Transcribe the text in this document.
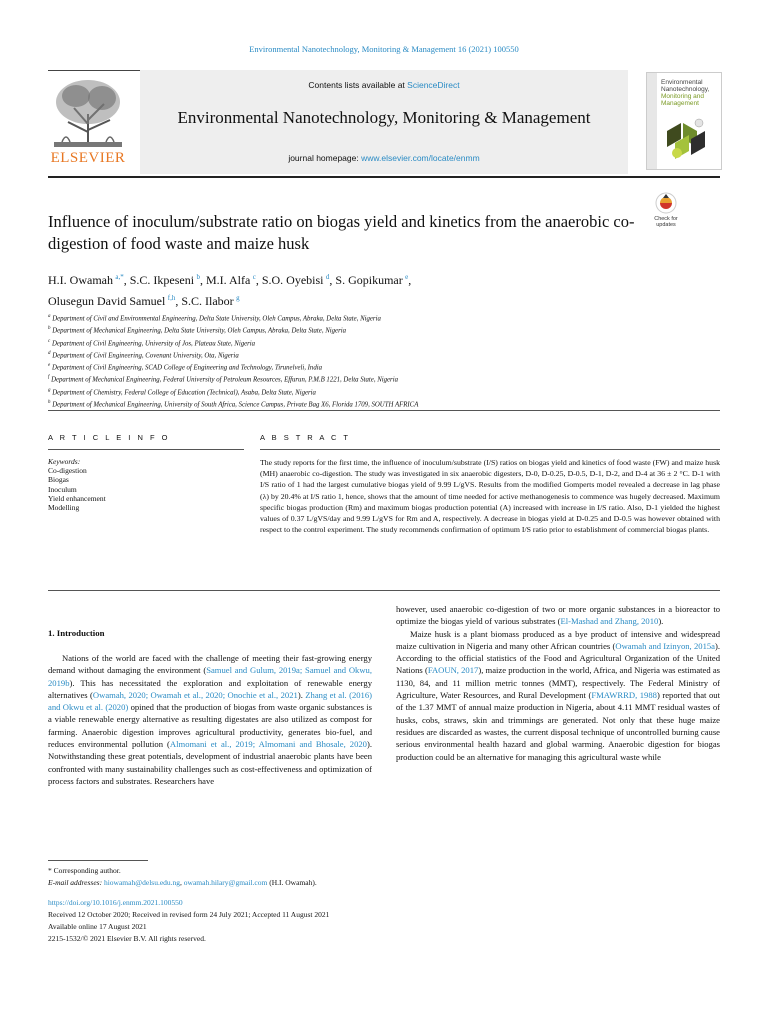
Environmental Nanotechnology, Monitoring & Management 16 (2021) 100550
Contents lists available at ScienceDirect
Environmental Nanotechnology, Monitoring & Management
journal homepage: www.elsevier.com/locate/enmm
ELSEVIER
Environmental
Nanotechnology,
Monitoring and
Management
Check for
updates
Influence of inoculum/substrate ratio on biogas yield and kinetics from the anaerobic co-digestion of food waste and maize husk
H.I. Owamah  $^{a,*}$, S.C. Ikpeseni  $^b$, M.I. Alfa  $^c$, S.O. Oyebisi  $^d$, S. Gopikumar  $^e$,
Olusegun David Samuel  $^{f,h}$, S.C. Ilabor  $^g$
$^a$ Department of Civil and Environmental Engineering, Delta State University, Oleh Campus, Abraka, Delta State, Nigeria
$^b$ Department of Mechanical Engineering, Delta State University, Oleh Campus, Abraka, Delta State, Nigeria
$^c$ Department of Civil Engineering, University of Jos, Plateau State, Nigeria
$^d$ Department of Civil Engineering, Covenant University, Ota, Nigeria
$^e$ Department of Civil Engineering, SCAD College of Engineering and Technology, Tirunelveli, India
$^f$ Department of Mechanical Engineering, Federal University of Petroleum Resources, Effurun, P.M.B 1221, Delta State, Nigeria
$^g$ Department of Chemistry, Federal College of Education (Technical), Asaba, Delta State, Nigeria
$^h$ Department of Mechanical Engineering, University of South Africa, Science Campus, Private Bag X6, Florida 1709, SOUTH AFRICA
A R T I C L E I N F O	A B S T R A C T
Keywords:
Co-digestion
Biogas
Inoculum
Yield enhancement
Modelling
The study reports for the first time, the influence of inoculum/substrate (I/S) ratios on biogas yield and kinetics of food waste (FW) and maize husk (MH) anaerobic co-digestion. The study was investigated in six anaerobic digesters, D-0, D-0.25, D-0.5, D-1, D-2, and D-4 at 36 ± 2 °C. D-1 with I/S ratio of 1 had the largest cumulative biogas yield of 9.99 L/gVS. Results from the modified Gomperts model revealed a decrease in lag phase (λ) by 20.4% at I/S ratio 1, hence, shows that the amount of time needed for active methanogenesis to commence was hugely decreased. Maximum specific biogas production (Rm) and maximum biogas production potential (A) increased with increase in I/S ratio. Also, D-1 yielded the highest values of 0.37 L/gVS/day and 9.99 L/gVS for Rm and A, respectively. A decrease in biogas yield at D-0.25 and D-0.5 was however obtained with respect to the control experiment. The study recommends confirmation of optimum I/S ratio prior to establishment of commercial biogas plants.
1. Introduction

Nations of the world are faced with the challenge of meeting their fast-growing energy demand without damaging the environment (Samuel and Gulum, 2019a; Samuel and Okwu, 2019b). This has necessitated the exploration and exploitation of renewable energy alternatives (Owamah, 2020; Owamah et al., 2020; Onochie et al., 2021). Zhang et al. (2016) and Okwu et al. (2020) opined that the production of biogas from waste organic substances is a viable renewable energy alternative as resulting digestates are also utilized as compost for farming. Anaerobic digestion improves agricultural productivity, generates bio-fuel, and reduces environmental pollution (Almomani et al., 2019; Almomani and Bhosale, 2020). Notwithstanding these great potentials, development of industrial anaerobic plants have been confronted with many sustainability challenges such as cost-effectiveness and optimization of process factors and substrates. Researchers have

however, used anaerobic co-digestion of two or more organic substances in a bioreactor to optimize the biogas yield of various substrates (El-Mashad and Zhang, 2010).

Maize husk is a plant biomass produced as a bye product of intensive and widespread maize cultivation in Nigeria and many other African countries (Owamah and Izinyon, 2015a). According to the official statistics of the Food and Agricultural Organization of the United Nations (FAOUN, 2017), maize production in the world, Africa, and Nigeria was estimated as 1130, 84, and 11 million metric tonnes (MMT), respectively. The Federal Ministry of Agriculture, Water Resources, and Rural Development (FMAWRRD, 1988) reported that out of the 1.37 MMT of annual maize production in Nigeria, about 4.11 MMT residual wastes of husks, cobs, straws, skin and trimmings are generated. Not only that these huge maize residues are discarded as wastes, the current disposal technique of uncontrolled burning cause serious environmental health hazard and global warming. Anaerobic digestion for biogas production could be an alternative for managing this agricultural waste while

* Corresponding author.
E-mail addresses: hiowamah@delsu.edu.ng, owamah.hilary@gmail.com (H.I. Owamah).
https://doi.org/10.1016/j.enmm.2021.100550
Received 12 October 2020; Received in revised form 24 July 2021; Accepted 11 August 2021
Available online 17 August 2021
2215-1532/© 2021 Elsevier B.V. All rights reserved.
